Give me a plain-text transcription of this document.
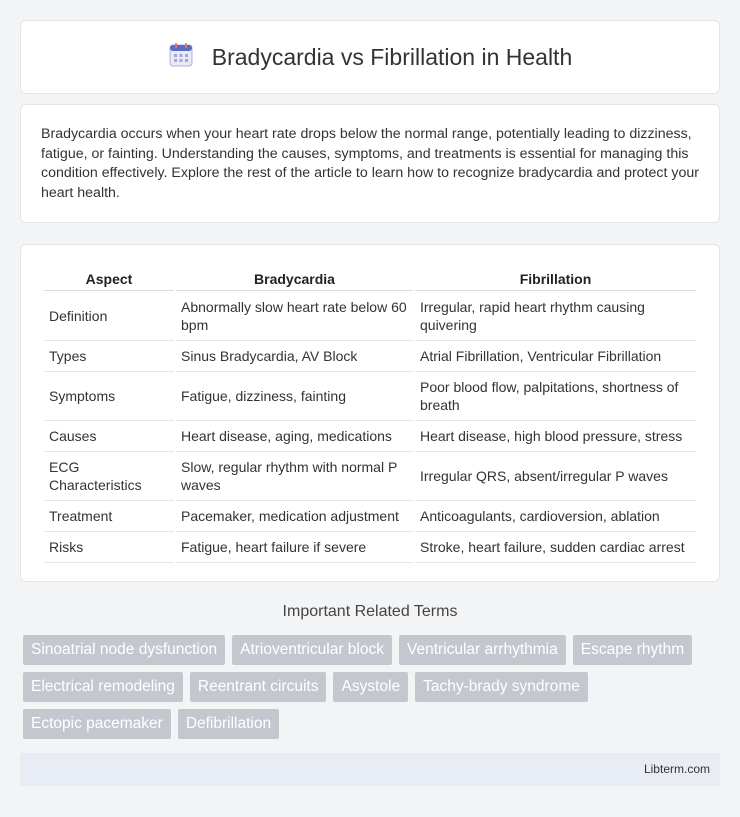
Bradycardia vs Fibrillation in Health

Bradycardia occurs when your heart rate drops below the normal range, potentially leading to dizziness, fatigue, or fainting. Understanding the causes, symptoms, and treatments is essential for managing this condition effectively. Explore the rest of the article to learn how to recognize bradycardia and protect your heart health.

Aspect	Bradycardia	Fibrillation
Definition	Abnormally slow heart rate below 60 bpm	Irregular, rapid heart rhythm causing quivering
Types	Sinus Bradycardia, AV Block	Atrial Fibrillation, Ventricular Fibrillation
Symptoms	Fatigue, dizziness, fainting	Poor blood flow, palpitations, shortness of breath
Causes	Heart disease, aging, medications	Heart disease, high blood pressure, stress
ECG Characteristics	Slow, regular rhythm with normal P waves	Irregular QRS, absent/irregular P waves
Treatment	Pacemaker, medication adjustment	Anticoagulants, cardioversion, ablation
Risks	Fatigue, heart failure if severe	Stroke, heart failure, sudden cardiac arrest
Important Related Terms
Sinoatrial node dysfunction	Atrioventricular block	Ventricular arrhythmia	Escape rhythm
Electrical remodeling	Reentrant circuits	Asystole	Tachy-brady syndrome
Ectopic pacemaker	Defibrillation
Libterm.com
